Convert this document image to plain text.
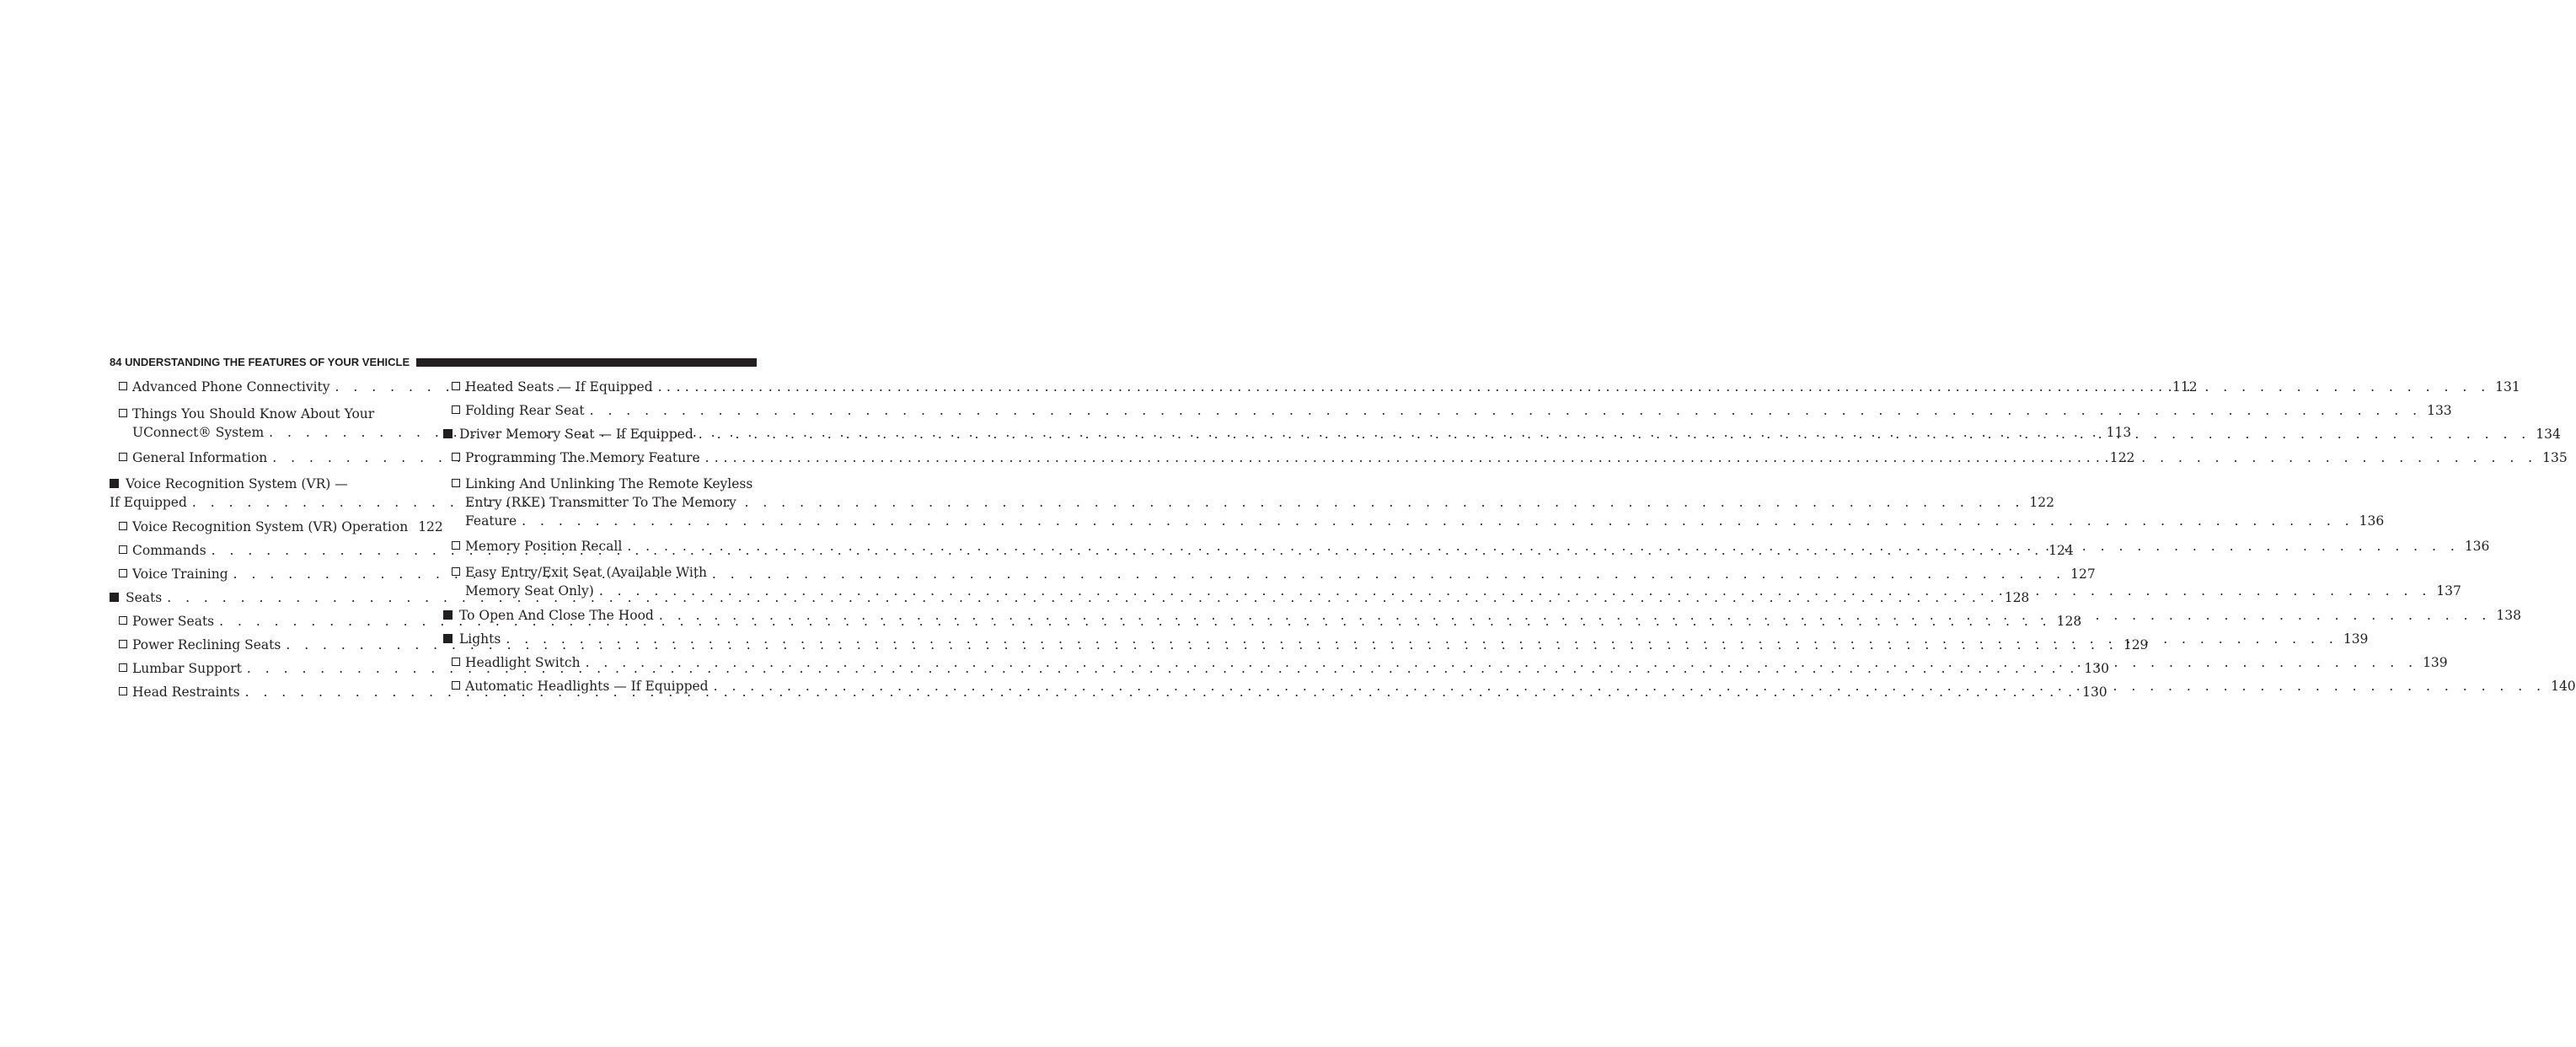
84 UNDERSTANDING THE FEATURES OF YOUR VEHICLE
Advanced Phone Connectivity . . .	112
Things You Should Know About Your
UConnect® System . . .	113
General Information . . .	122
Voice Recognition System (VR) —
If Equipped . . .	122
Voice Recognition System (VR) Operation 122
Commands . . .	124
Voice Training . . .	127
Seats . . .	128
Power Seats . . .	128
Power Reclining Seats . . .	129
Lumbar Support . . .	130
Head Restraints . . .	130
Heated Seats — If Equipped . . .	131
Folding Rear Seat . . .	133
Driver Memory Seat — If Equipped . . .	134
Programming The Memory Feature . . .	135
Linking And Unlinking The Remote Keyless
Entry (RKE) Transmitter To The Memory
Feature . . .	136
Memory Position Recall . . .	136
Easy Entry/Exit Seat (Available With
Memory Seat Only) . . .	137
To Open And Close The Hood . . .	138
Lights . . .	139
Headlight Switch . . .	139
Automatic Headlights — If Equipped . . .	140
